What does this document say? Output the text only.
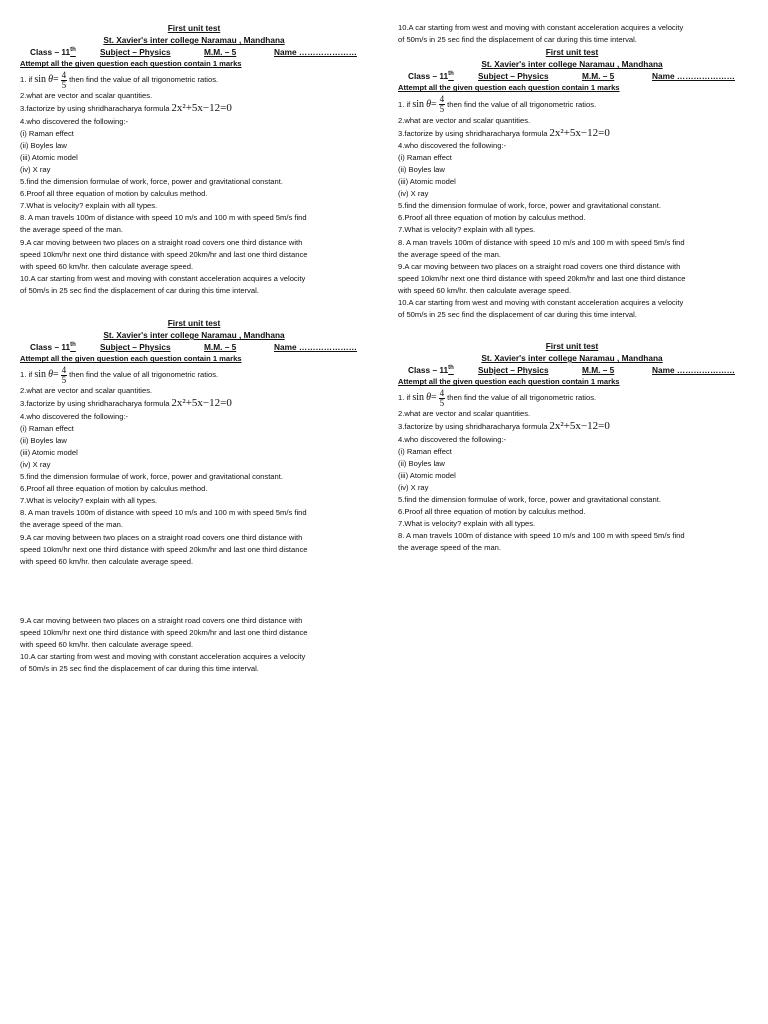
First unit test
St. Xavier's inter college Naramau , Mandhana
Class – 11th	Subject – Physics	M.M. – 5	Name …………………
Attempt all the given question each question contain 1 marks
1. if
$\sin \theta= \frac{4}{5}$ then find the value of all trigonometric ratios.
2.what are vector and scalar quantities.
3.factorize by using shridharacharya formula 2x²+5x−12=0
4.who discovered the following:-
(i) Raman effect
(ii) Boyles law
(iii) Atomic model
(iv) X ray
5.find the dimension formulae of work, force, power and gravitational constant.
6.Proof all three equation of motion by calculus method.
7.What is velocity? explain with all types.
8. A man travels 100m of distance with speed 10 m/s and 100 m with speed 5m/s find
the average speed of the man.
9.A car moving between two places on a straight road covers one third distance with
speed 10km/hr next one third distance with speed 20km/hr and last one third distance
with speed 60 km/hr. then calculate average speed.
10.A car starting from west and moving with constant acceleration acquires a velocity
of 50m/s in 25 sec find the displacement of car during this time interval.
10.A car starting from west and moving with constant acceleration acquires a velocity
of 50m/s in 25 sec find the displacement of car during this time interval.
First unit test
St. Xavier's inter college Naramau , Mandhana
Class – 11th	Subject – Physics	M.M. – 5	Name …………………
Attempt all the given question each question contain 1 marks
1. if
$\sin \theta= \frac{4}{5}$ then find the value of all trigonometric ratios.
2.what are vector and scalar quantities.
3.factorize by using shridharacharya formula 2x²+5x−12=0
4.who discovered the following:-
(i) Raman effect
(ii) Boyles law
(iii) Atomic model
(iv) X ray
5.find the dimension formulae of work, force, power and gravitational constant.
6.Proof all three equation of motion by calculus method.
7.What is velocity? explain with all types.
8. A man travels 100m of distance with speed 10 m/s and 100 m with speed 5m/s find
the average speed of the man.
9.A car moving between two places on a straight road covers one third distance with
speed 10km/hr next one third distance with speed 20km/hr and last one third distance
with speed 60 km/hr. then calculate average speed.
10.A car starting from west and moving with constant acceleration acquires a velocity
of 50m/s in 25 sec find the displacement of car during this time interval.
First unit test
St. Xavier's inter college Naramau , Mandhana
Class – 11th	Subject – Physics	M.M. – 5	Name …………………
Attempt all the given question each question contain 1 marks
1. if
$\sin \theta= \frac{4}{5}$ then find the value of all trigonometric ratios.
2.what are vector and scalar quantities.
3.factorize by using shridharacharya formula 2x²+5x−12=0
4.who discovered the following:-
(i) Raman effect
(ii) Boyles law
(iii) Atomic model
(iv) X ray
5.find the dimension formulae of work, force, power and gravitational constant.
6.Proof all three equation of motion by calculus method.
7.What is velocity? explain with all types.
8. A man travels 100m of distance with speed 10 m/s and 100 m with speed 5m/s find
the average speed of the man.
9.A car moving between two places on a straight road covers one third distance with
speed 10km/hr next one third distance with speed 20km/hr and last one third distance
with speed 60 km/hr. then calculate average speed.
First unit test
St. Xavier's inter college Naramau , Mandhana
Class – 11th	Subject – Physics	M.M. – 5	Name …………………
Attempt all the given question each question contain 1 marks
1. if
$\sin \theta= \frac{4}{5}$ then find the value of all trigonometric ratios.
2.what are vector and scalar quantities.
3.factorize by using shridharacharya formula 2x²+5x−12=0
4.who discovered the following:-
(i) Raman effect
(ii) Boyles law
(iii) Atomic model
(iv) X ray
5.find the dimension formulae of work, force, power and gravitational constant.
6.Proof all three equation of motion by calculus method.
7.What is velocity? explain with all types.
8. A man travels 100m of distance with speed 10 m/s and 100 m with speed 5m/s find
the average speed of the man.
9.A car moving between two places on a straight road covers one third distance with
speed 10km/hr next one third distance with speed 20km/hr and last one third distance
with speed 60 km/hr. then calculate average speed.
10.A car starting from west and moving with constant acceleration acquires a velocity
of 50m/s in 25 sec find the displacement of car during this time interval.
